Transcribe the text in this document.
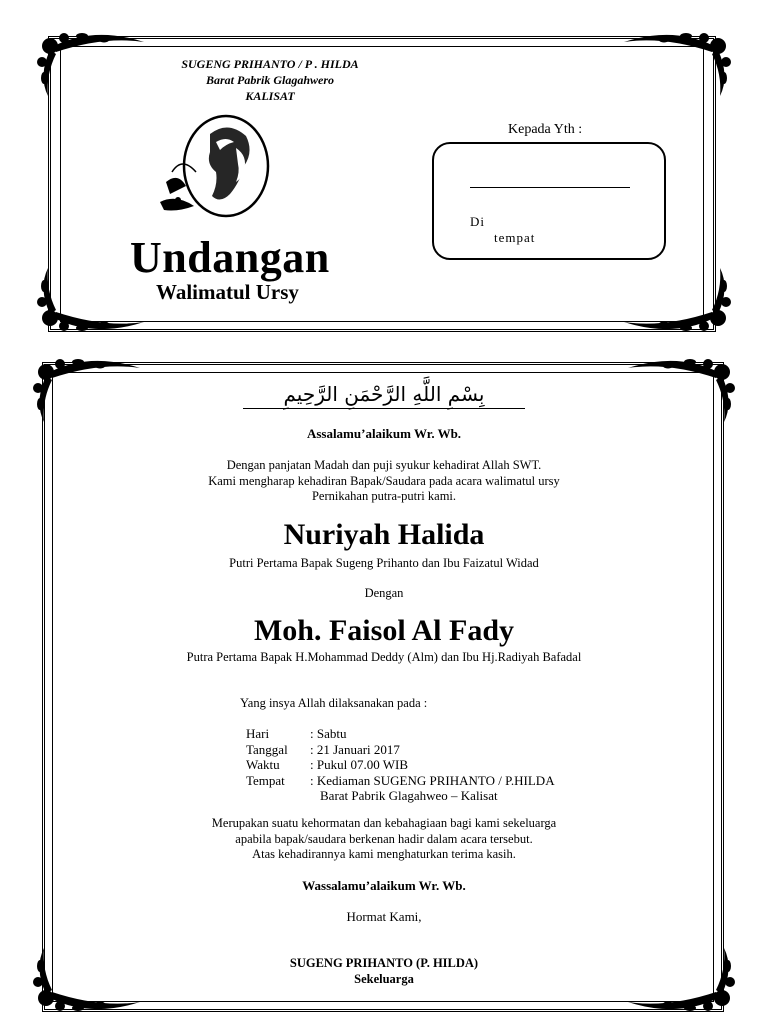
SUGENG PRIHANTO / P . HILDA
Barat Pabrik Glagahwero
KALISAT
Undangan
Walimatul Ursy
Kepada Yth :
Di
tempat
بِسْمِ اللَّهِ الرَّحْمَنِ الرَّحِيمِ
Assalamu’alaikum Wr. Wb.
Dengan panjatan Madah dan puji syukur kehadirat Allah SWT.
Kami mengharap kehadiran Bapak/Saudara pada acara walimatul ursy
Pernikahan putra-putri kami.
Nuriyah Halida
Putri Pertama Bapak Sugeng Prihanto dan Ibu Faizatul Widad
Dengan
Moh. Faisol Al Fady
Putra Pertama Bapak H.Mohammad Deddy (Alm) dan Ibu Hj.Radiyah Bafadal
Yang insya Allah dilaksanakan pada :
Hari	: Sabtu
Tanggal	: 21 Januari 2017
Waktu	: Pukul 07.00 WIB
Tempat	: Kediaman SUGENG PRIHANTO / P.HILDA
	Barat Pabrik Glagahweo – Kalisat
Merupakan suatu kehormatan dan kebahagiaan bagi kami sekeluarga
apabila bapak/saudara berkenan hadir dalam acara tersebut.
Atas kehadirannya kami menghaturkan terima kasih.
Wassalamu’alaikum Wr. Wb.
Hormat Kami,
SUGENG PRIHANTO (P. HILDA)
Sekeluarga
